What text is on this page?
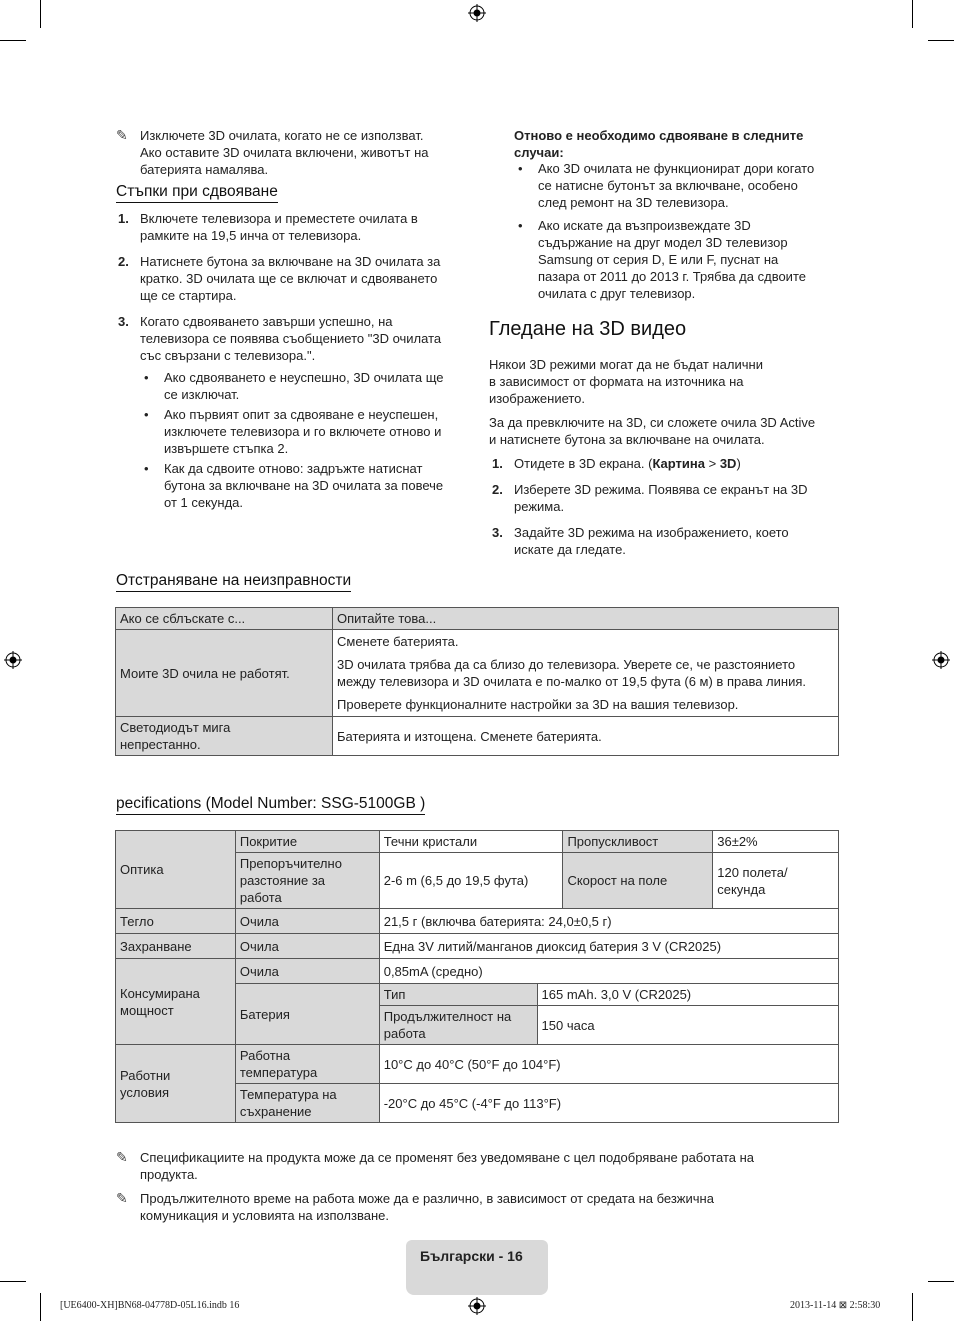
✎ Изключете 3D очилата, когато не се използват.
Ако оставите 3D очилата включени, животът на
батерията намалява.
Стъпки при сдвояване
1. Включете телевизора и преместете очилата в
рамките на 19,5 инча от телевизора.
2. Натиснете бутона за включване на 3D очилата за
кратко. 3D очилата ще се включат и сдвояването
ще се стартира.
3. Когато сдвояването завърши успешно, на
телевизора се появява съобщението "3D очилата
със свързани с телевизора.".
• Ако сдвояването е неуспешно, 3D очилата ще
се изключат.
• Ако първият опит за сдвояване е неуспешен,
изключете телевизора и го включете отново и
извършете стъпка 2.
• Как да сдвоите отново: задръжте натиснат
бутона за включване на 3D очилата за повече
от 1 секунда.

Отново е необходимо сдвояване в следните
случаи:

• Ако 3D очилата не функционират дори когато
се натисне бутонът за включване, особено
след ремонт на 3D телевизора.
• Ако искате да възпроизвеждате 3D
съдържание на друг модел 3D телевизор
Samsung от серия D, E или F, пуснат на
пазара от 2011 до 2013 г. Трябва да сдвоите
очилата с друг телевизор.
Гледане на 3D видео

Някои 3D режими могат да не бъдат налични
в зависимост от формата на източника на
изображението.

За да превключите на 3D, си сложете очила 3D Active
и натиснете бутона за включване на очилата.

1. Отидете в 3D екрана. (Картина > 3D)
2. Изберете 3D режима. Появява се екранът на 3D
режима.
3. Задайте 3D режима на изображението, което
искате да гледате.
Отстраняване на неизправности
Ако се сблъскате с...	Опитайте това...
Моите 3D очила не работят.	Сменете батерията.
3D очилата трябва да са близо до телевизора. Уверете се, че разстоянието
между телевизора и 3D очилата е по-малко от 19,5 фута (6 м) в права линия.
Проверете функционалните настройки за 3D на вашия телевизор.

Светодиодът мига
непрестанно.	Батерията и изтощена. Сменете батерията.
pecifications (Model Number: SSG-5100GB )
Оптика	Покритие	Течни кристали		Пропускливост	36±2%

	Препоръчително
разстояние за
работа	2-6 m (6,5 до 19,5 фута)		Скорост на поле	120 полета/
секунда

Тегло	Очила	21,5 г (включва батерията: 24,0±0,5 г)			
Захранване	Очила	Една 3V литий/манганов диоксид батерия 3 V (CR2025)			

Консумирана
мощност	Очила	0,85mA (средно)			
	Батерия	Тип	165 mAh. 3,0 V (CR2025)		

		Продължителност на
работа	150 часа		

Работни
условия	Работна
температура	10°C до 40°C (50°F до 104°F)			

	Температура на
съхранение	-20°C до 45°C (-4°F до 113°F)			
✎ Спецификациите на продукта може да се променят без уведомяване с цел подобряване работата на
продукта.
✎ Продължителното време на работа може да е различно, в зависимост от средата на безжична
комуникация и условията на използване.
Български - 16
[UE6400-XH]BN68-04778D-05L16.indb 16	2013-11-14 ⊠ 2:58:30
